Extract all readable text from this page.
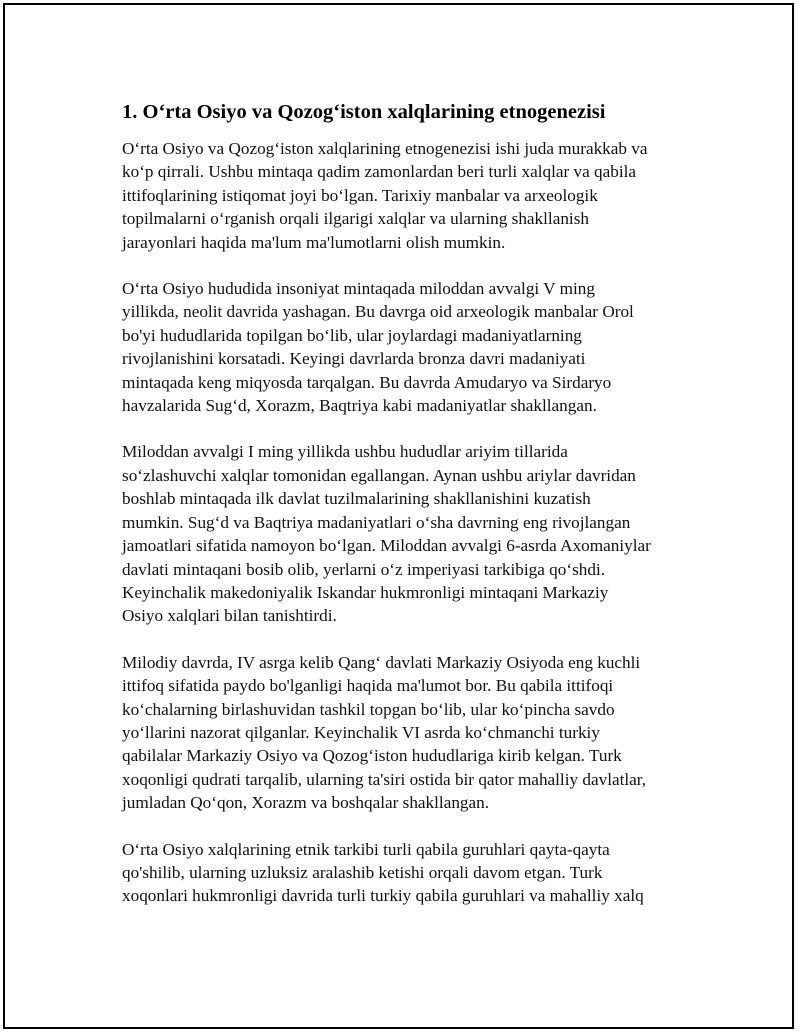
1. O‘rta Osiyo va Qozog‘iston xalqlarining etnogenezisi

O‘rta Osiyo va Qozog‘iston xalqlarining etnogenezisi ishi juda murakkab va
ko‘p qirrali. Ushbu mintaqa qadim zamonlardan beri turli xalqlar va qabila
ittifoqlarining istiqomat joyi bo‘lgan. Tarixiy manbalar va arxeologik
topilmalarni o‘rganish orqali ilgarigi xalqlar va ularning shakllanish
jarayonlari haqida ma'lum ma'lumotlarni olish mumkin.

O‘rta Osiyo hududida insoniyat mintaqada miloddan avvalgi V ming
yillikda, neolit davrida yashagan. Bu davrga oid arxeologik manbalar Orol
bo'yi hududlarida topilgan bo‘lib, ular joylardagi madaniyatlarning
rivojlanishini korsatadi. Keyingi davrlarda bronza davri madaniyati
mintaqada keng miqyosda tarqalgan. Bu davrda Amudaryo va Sirdaryo
havzalarida Sug‘d, Xorazm, Baqtriya kabi madaniyatlar shakllangan.

Miloddan avvalgi I ming yillikda ushbu hududlar ariyim tillarida
so‘zlashuvchi xalqlar tomonidan egallangan. Aynan ushbu ariylar davridan
boshlab mintaqada ilk davlat tuzilmalarining shakllanishini kuzatish
mumkin. Sug‘d va Baqtriya madaniyatlari o‘sha davrning eng rivojlangan
jamoatlari sifatida namoyon bo‘lgan. Miloddan avvalgi 6-asrda Axomaniylar
davlati mintaqani bosib olib, yerlarni o‘z imperiyasi tarkibiga qo‘shdi.
Keyinchalik makedoniyalik Iskandar hukmronligi mintaqani Markaziy
Osiyo xalqlari bilan tanishtirdi.

Milodiy davrda, IV asrga kelib Qang‘ davlati Markaziy Osiyoda eng kuchli
ittifoq sifatida paydo bo'lganligi haqida ma'lumot bor. Bu qabila ittifoqi
ko‘chalarning birlashuvidan tashkil topgan bo‘lib, ular ko‘pincha savdo
yo‘llarini nazorat qilganlar. Keyinchalik VI asrda ko‘chmanchi turkiy
qabilalar Markaziy Osiyo va Qozog‘iston hududlariga kirib kelgan. Turk
xoqonligi qudrati tarqalib, ularning ta'siri ostida bir qator mahalliy davlatlar,
jumladan Qo‘qon, Xorazm va boshqalar shakllangan.

O‘rta Osiyo xalqlarining etnik tarkibi turli qabila guruhlari qayta-qayta
qo'shilib, ularning uzluksiz aralashib ketishi orqali davom etgan. Turk
xoqonlari hukmronligi davrida turli turkiy qabila guruhlari va mahalliy xalq
